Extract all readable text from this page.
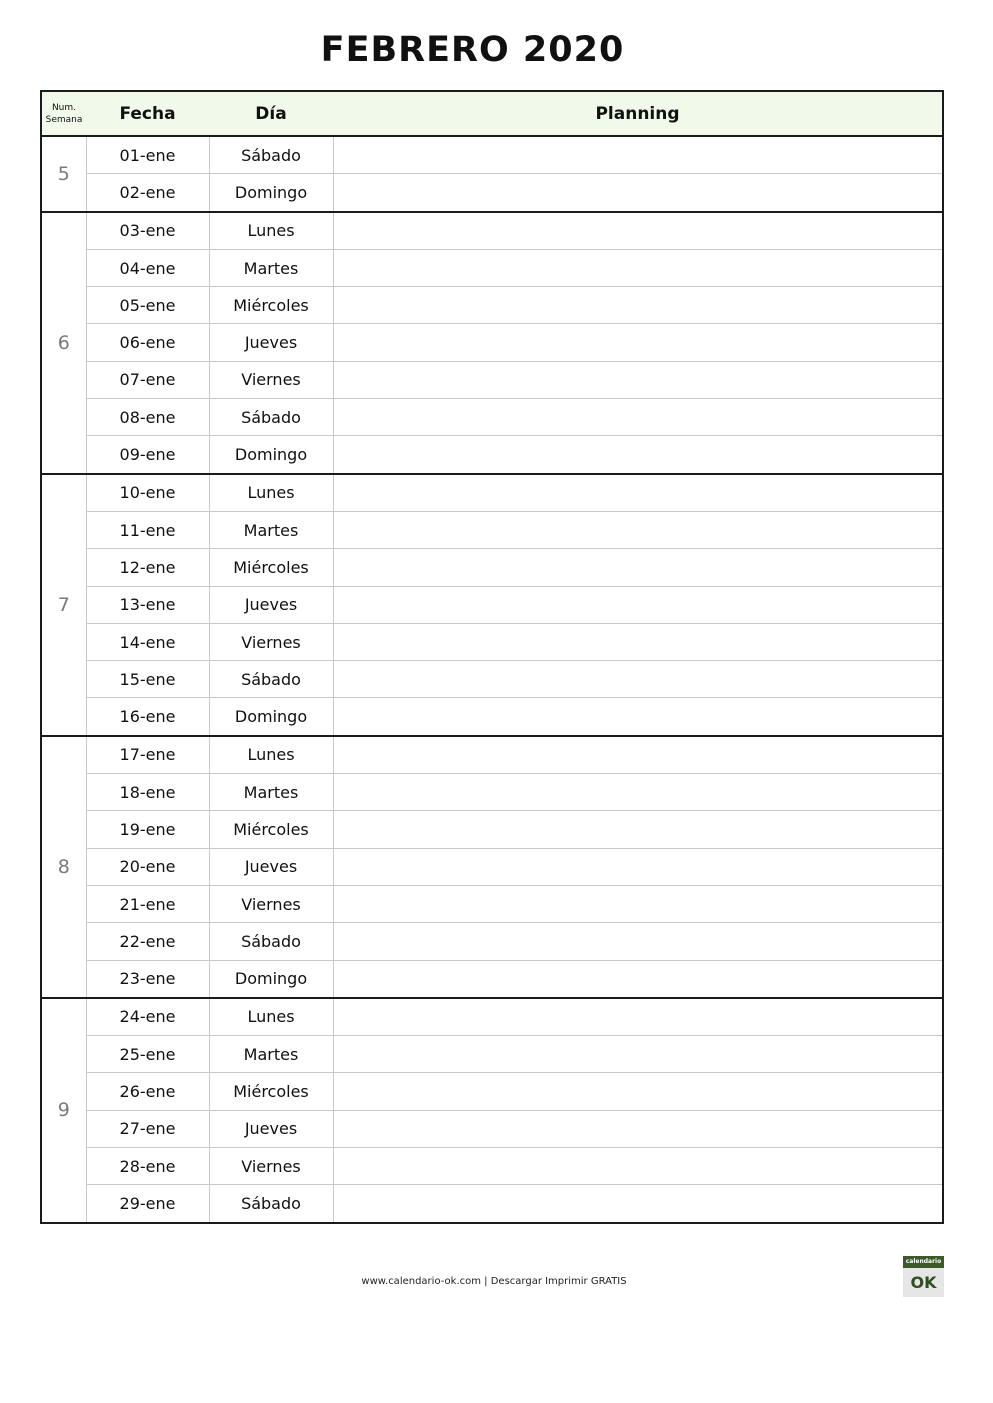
FEBRERO 2020
Num. Semana	Fecha	Día	Planning
5	01-ene	Sábado	
	02-ene	Domingo	
6	03-ene	Lunes	
	04-ene	Martes	
	05-ene	Miércoles	
	06-ene	Jueves	
	07-ene	Viernes	
	08-ene	Sábado	
	09-ene	Domingo	
7	10-ene	Lunes	
	11-ene	Martes	
	12-ene	Miércoles	
	13-ene	Jueves	
	14-ene	Viernes	
	15-ene	Sábado	
	16-ene	Domingo	
8	17-ene	Lunes	
	18-ene	Martes	
	19-ene	Miércoles	
	20-ene	Jueves	
	21-ene	Viernes	
	22-ene	Sábado	
	23-ene	Domingo	
9	24-ene	Lunes	
	25-ene	Martes	
	26-ene	Miércoles	
	27-ene	Jueves	
	28-ene	Viernes	
	29-ene	Sábado	
www.calendario-ok.com | Descargar Imprimir GRATIS
calendario
OK
